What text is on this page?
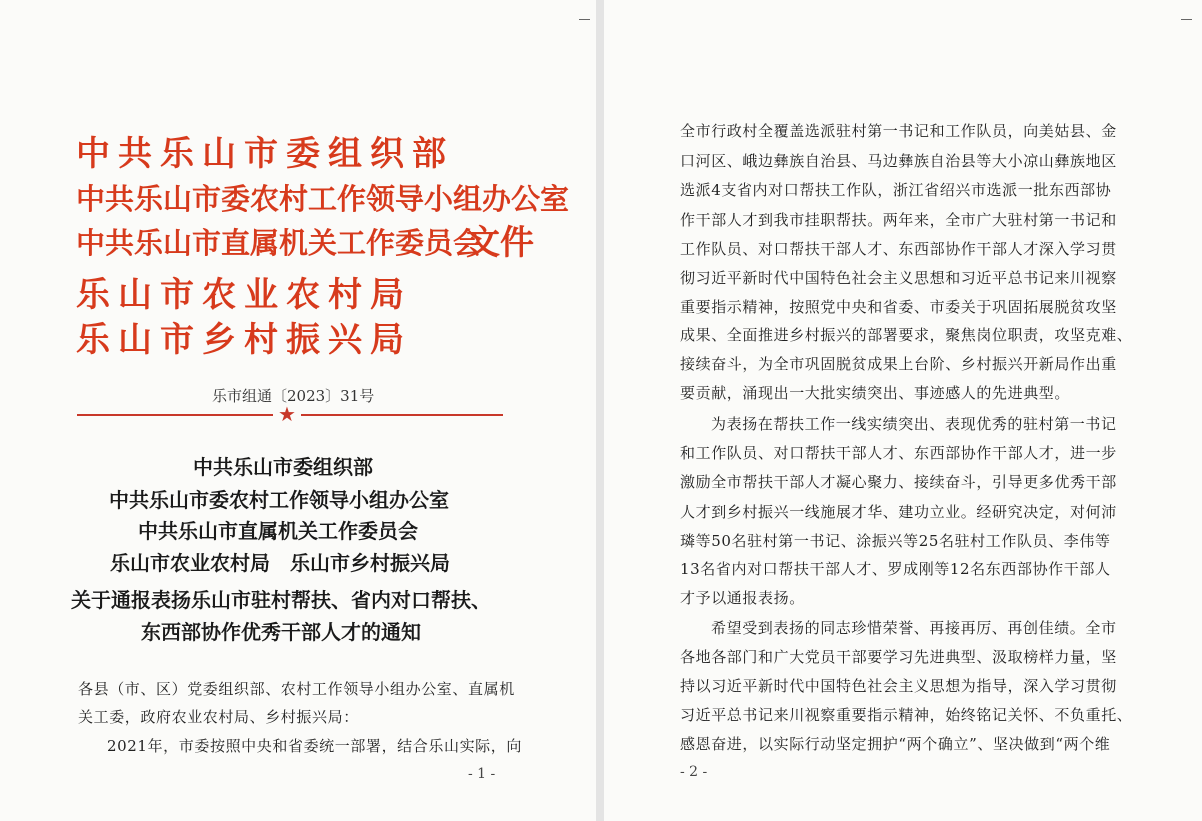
中共乐山市委组织部
中共乐山市委农村工作领导小组办公室
中共乐山市直属机关工作委员会
乐山市农业农村局
乐山市乡村振兴局
文件
乐市组通〔2023〕31号
★
中共乐山市委组织部
中共乐山市委农村工作领导小组办公室
中共乐山市直属机关工作委员会
乐山市农业农村局　乐山市乡村振兴局
关于通报表扬乐山市驻村帮扶、省内对口帮扶、
东西部协作优秀干部人才的通知
各县（市、区）党委组织部、农村工作领导小组办公室、直属机
关工委，政府农业农村局、乡村振兴局：
2021年，市委按照中央和省委统一部署，结合乐山实际，向
- 1 -
全市行政村全覆盖选派驻村第一书记和工作队员，向美姑县、金
口河区、峨边彝族自治县、马边彝族自治县等大小凉山彝族地区
选派4支省内对口帮扶工作队，浙江省绍兴市选派一批东西部协
作干部人才到我市挂职帮扶。两年来，全市广大驻村第一书记和
工作队员、对口帮扶干部人才、东西部协作干部人才深入学习贯
彻习近平新时代中国特色社会主义思想和习近平总书记来川视察
重要指示精神，按照党中央和省委、市委关于巩固拓展脱贫攻坚
成果、全面推进乡村振兴的部署要求，聚焦岗位职责，攻坚克难、
接续奋斗，为全市巩固脱贫成果上台阶、乡村振兴开新局作出重
要贡献，涌现出一大批实绩突出、事迹感人的先进典型。
为表扬在帮扶工作一线实绩突出、表现优秀的驻村第一书记
和工作队员、对口帮扶干部人才、东西部协作干部人才，进一步
激励全市帮扶干部人才凝心聚力、接续奋斗，引导更多优秀干部
人才到乡村振兴一线施展才华、建功立业。经研究决定，对何沛
璘等50名驻村第一书记、涂振兴等25名驻村工作队员、李伟等
13名省内对口帮扶干部人才、罗成刚等12名东西部协作干部人
才予以通报表扬。
希望受到表扬的同志珍惜荣誉、再接再厉、再创佳绩。全市
各地各部门和广大党员干部要学习先进典型、汲取榜样力量，坚
持以习近平新时代中国特色社会主义思想为指导，深入学习贯彻
习近平总书记来川视察重要指示精神，始终铭记关怀、不负重托、
感恩奋进，以实际行动坚定拥护“两个确立”、坚决做到“两个维
- 2 -
